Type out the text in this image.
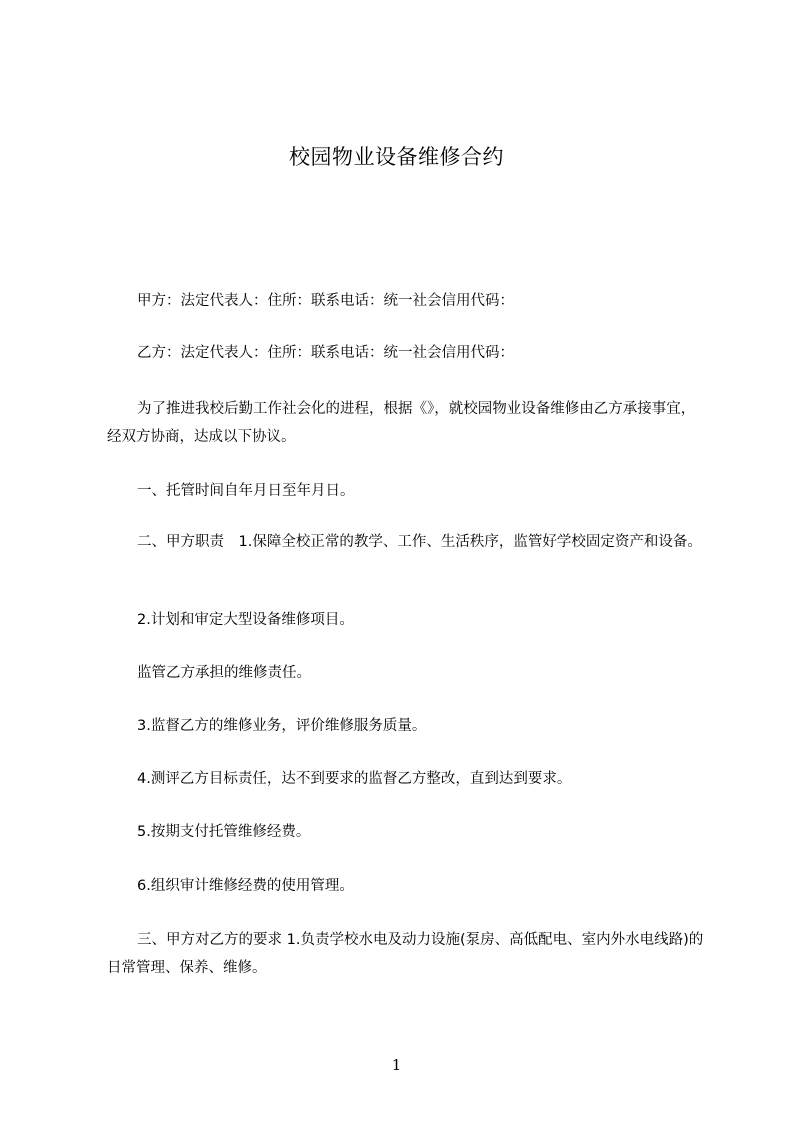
校园物业设备维修合约
甲方：法定代表人：住所：联系电话：统一社会信用代码：
乙方：法定代表人：住所：联系电话：统一社会信用代码：
为了推进我校后勤工作社会化的进程，根据《》，就校园物业设备维修由乙方承接事宜，经双方协商，达成以下协议。
一、托管时间自年月日至年月日。
二、甲方职责　1.保障全校正常的教学、工作、生活秩序，监管好学校固定资产和设备。
2.计划和审定大型设备维修项目。
监管乙方承担的维修责任。
3.监督乙方的维修业务，评价维修服务质量。
4.测评乙方目标责任，达不到要求的监督乙方整改，直到达到要求。
5.按期支付托管维修经费。
6.组织审计维修经费的使用管理。
三、甲方对乙方的要求 1.负责学校水电及动力设施(泵房、高低配电、室内外水电线路)的日常管理、保养、维修。
1
